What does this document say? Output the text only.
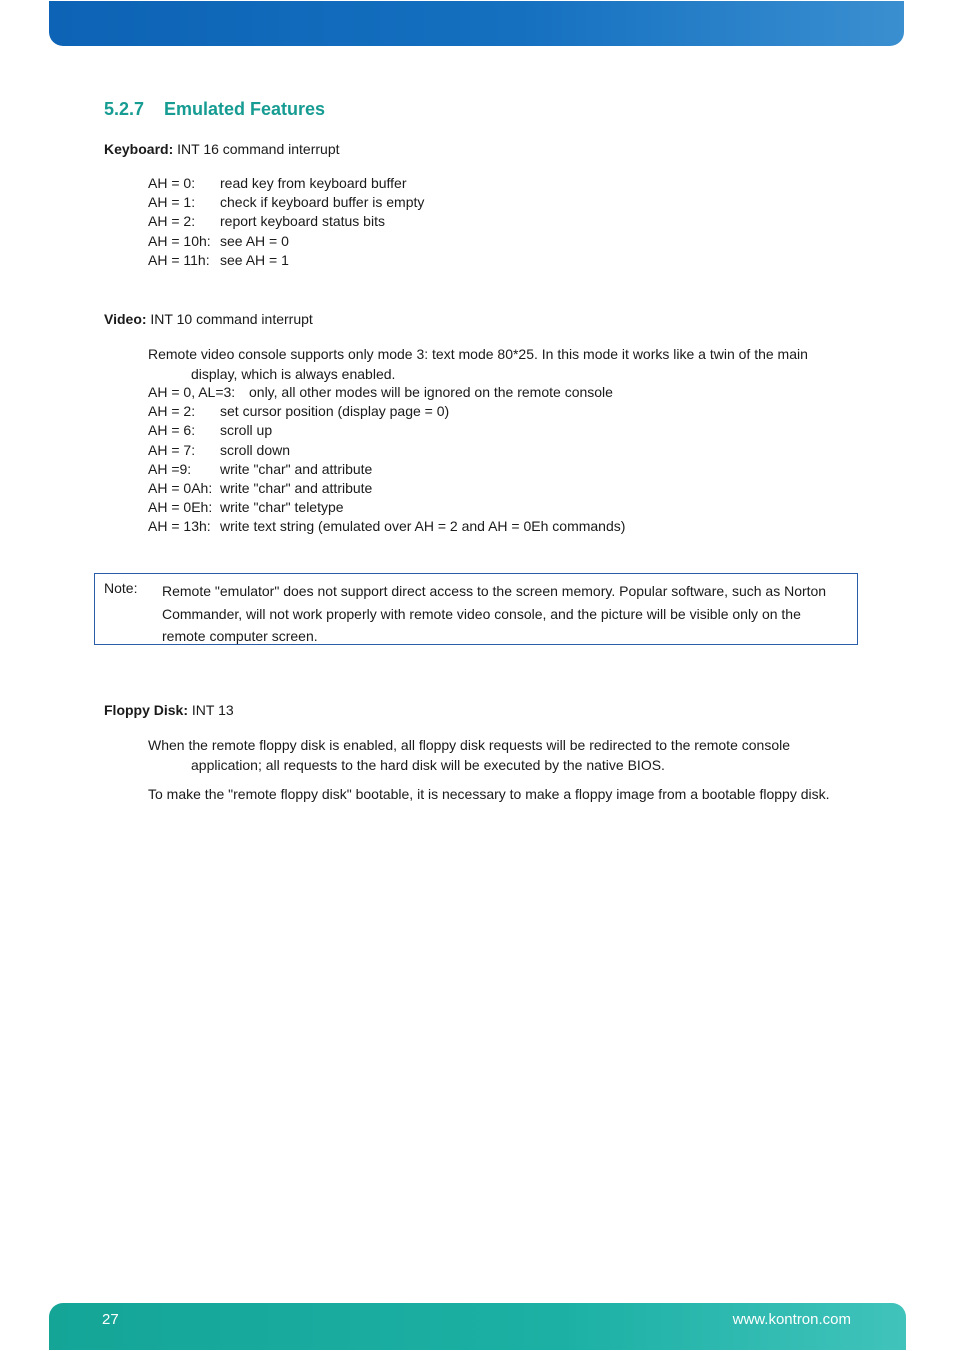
5.2.7 Emulated Features
Keyboard: INT 16 command interrupt
AH = 0: read key from keyboard buffer
AH = 1: check if keyboard buffer is empty
AH = 2: report keyboard status bits
AH = 10h: see AH = 0
AH = 11h: see AH = 1
Video: INT 10 command interrupt
Remote video console supports only mode 3: text mode 80*25. In this mode it works like a twin of the main
display, which is always enabled.
AH = 0, AL=3: only, all other modes will be ignored on the remote console
AH = 2: set cursor position (display page = 0)
AH = 6: scroll up
AH = 7: scroll down
AH =9: write "char" and attribute
AH = 0Ah: write "char" and attribute
AH = 0Eh: write "char" teletype
AH = 13h: write text string (emulated over AH = 2 and AH = 0Eh commands)
Note: Remote "emulator" does not support direct access to the screen memory. Popular software, such as Norton
Commander, will not work properly with remote video console, and the picture will be visible only on the
remote computer screen.
Floppy Disk: INT 13
When the remote floppy disk is enabled, all floppy disk requests will be redirected to the remote console
application; all requests to the hard disk will be executed by the native BIOS.
To make the "remote floppy disk" bootable, it is necessary to make a floppy image from a bootable floppy disk.
27	www.kontron.com
